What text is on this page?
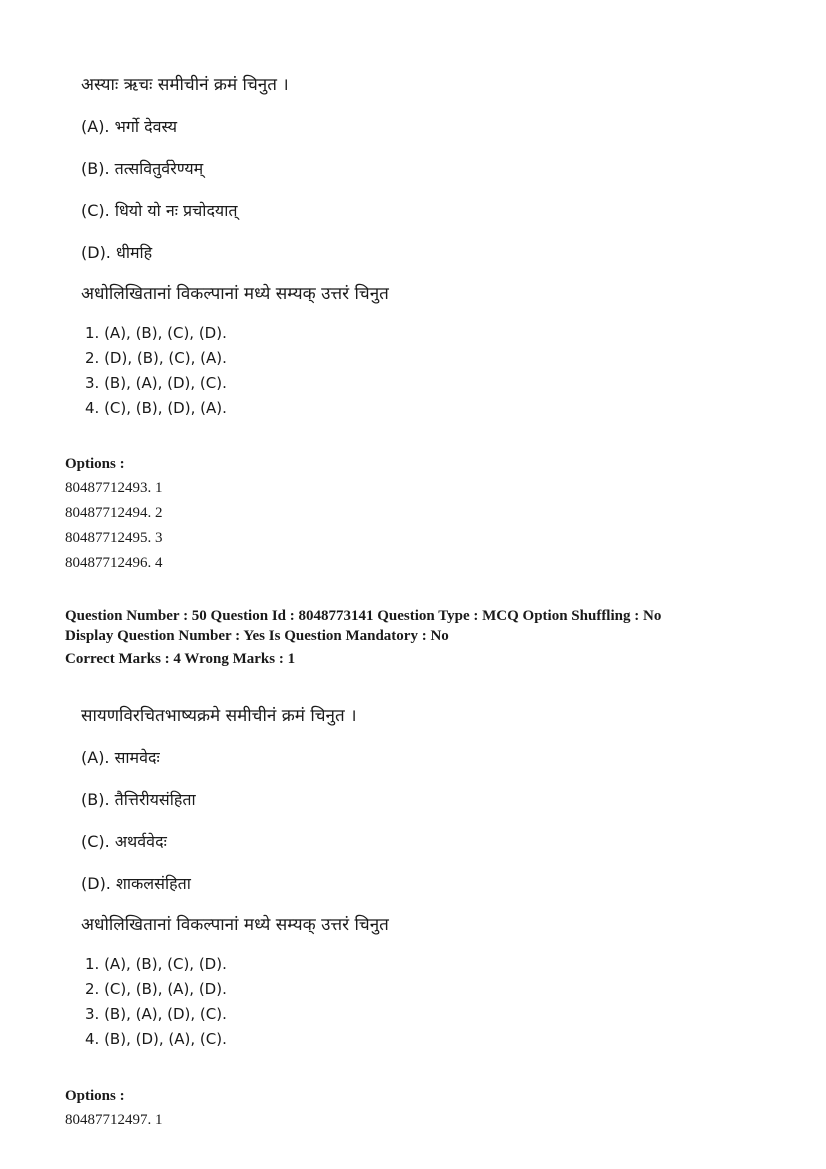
अस्याः ऋचः समीचीनं क्रमं चिनुत ।

(A). भर्गो देवस्य

(B). तत्सवितुर्वरेण्यम्

(C). धियो यो नः प्रचोदयात्

(D). धीमहि

अधोलिखितानां विकल्पानां मध्ये सम्यक् उत्तरं चिनुत

1. (A), (B), (C), (D).

2. (D), (B), (C), (A).

3. (B), (A), (D), (C).

4. (C), (B), (D), (A).

Options :

80487712493. 1

80487712494. 2

80487712495. 3

80487712496. 4

Question Number : 50 Question Id : 8048773141 Question Type : MCQ Option Shuffling : No

Display Question Number : Yes Is Question Mandatory : No

Correct Marks : 4 Wrong Marks : 1

सायणविरचितभाष्यक्रमे समीचीनं क्रमं चिनुत ।

(A). सामवेदः

(B). तैत्तिरीयसंहिता

(C). अथर्ववेदः

(D). शाकलसंहिता

अधोलिखितानां विकल्पानां मध्ये सम्यक् उत्तरं चिनुत

1. (A), (B), (C), (D).

2. (C), (B), (A), (D).

3. (B), (A), (D), (C).

4. (B), (D), (A), (C).

Options :

80487712497. 1
